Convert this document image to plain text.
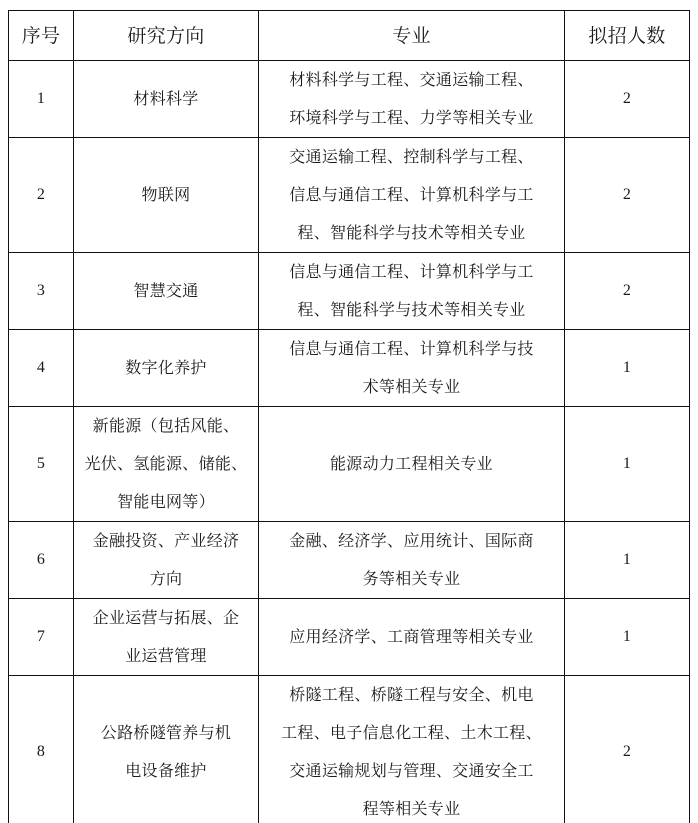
序号	研究方向	专业	拟招人数
1	材料科学	材料科学与工程、交通运输工程、
环境科学与工程、力学等相关专业	2
2	物联网	交通运输工程、控制科学与工程、
信息与通信工程、计算机科学与工
程、智能科学与技术等相关专业	2
3	智慧交通	信息与通信工程、计算机科学与工
程、智能科学与技术等相关专业	2
4	数字化养护	信息与通信工程、计算机科学与技
术等相关专业	1
5	新能源（包括风能、
光伏、氢能源、储能、
智能电网等）	能源动力工程相关专业	1
6	金融投资、产业经济
方向	金融、经济学、应用统计、国际商
务等相关专业	1
7	企业运营与拓展、企
业运营管理	应用经济学、工商管理等相关专业	1
8	公路桥隧管养与机
电设备维护	桥隧工程、桥隧工程与安全、机电
工程、电子信息化工程、土木工程、
交通运输规划与管理、交通安全工
程等相关专业	2
